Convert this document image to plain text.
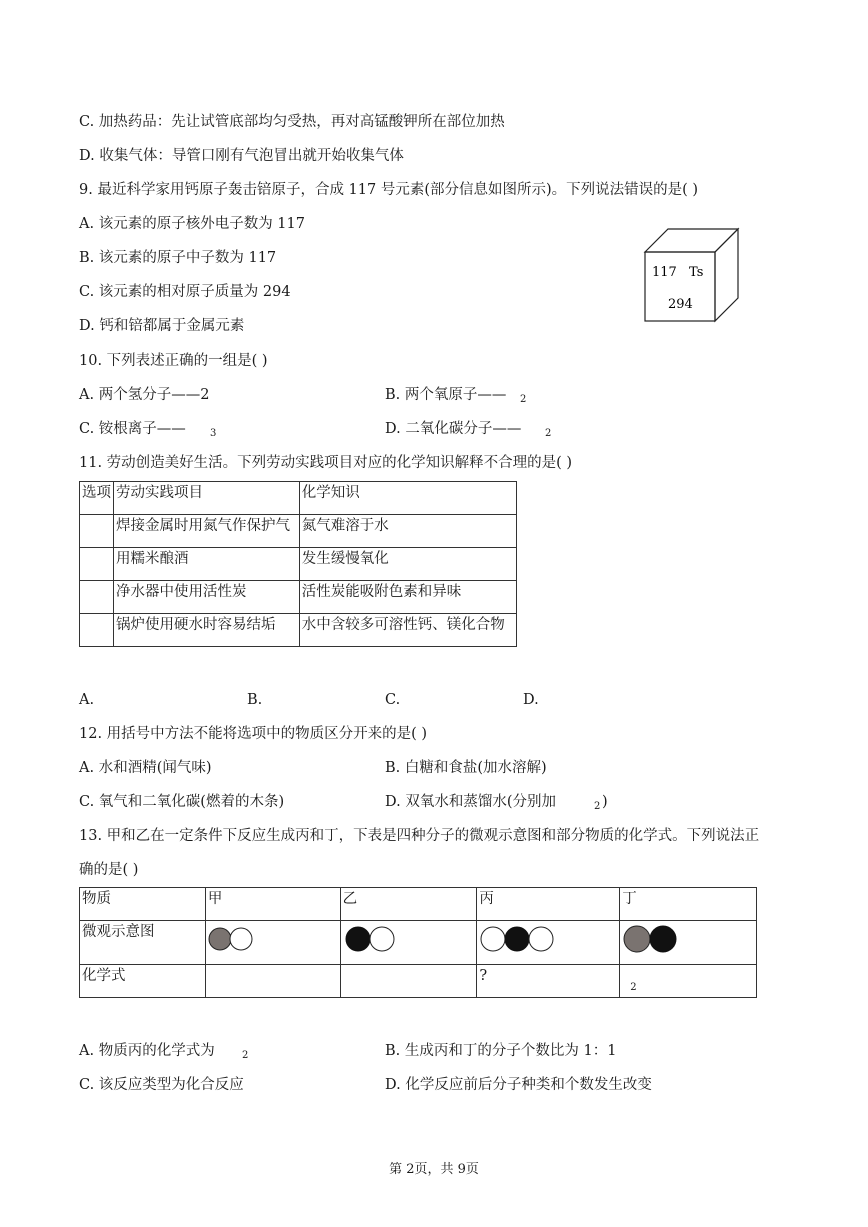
C. 加热药品：先让试管底部均匀受热，再对高锰酸钾所在部位加热
D. 收集气体：导管口刚有气泡冒出就开始收集气体
9. 最近科学家用钙原子轰击锫原子，合成 117 号元素(部分信息如图所示)。下列说法错误的是( )
A. 该元素的原子核外电子数为 117
B. 该元素的原子中子数为 117
C. 该元素的相对原子质量为 294
D. 钙和锫都属于金属元素
117 Ts
294
10. 下列表述正确的一组是( )
A. 两个氢分子——2	B. 两个氧原子—— 2
C. 铵根离子—— 3	D. 二氧化碳分子—— 2
11. 劳动创造美好生活。下列劳动实践项目对应的化学知识解释不合理的是( )
选项	劳动实践项目	化学知识
	焊接金属时用氮气作保护气	氮气难溶于水
	用糯米酿酒	发生缓慢氧化
	净水器中使用活性炭	活性炭能吸附色素和异味
	锅炉使用硬水时容易结垢	水中含较多可溶性钙、镁化合物
A.	B.	C.	D.
12. 用括号中方法不能将选项中的物质区分开来的是( )
A. 水和酒精(闻气味)	B. 白糖和食盐(加水溶解)
C. 氧气和二氧化碳(燃着的木条)	D. 双氧水和蒸馏水(分别加	2 )
13. 甲和乙在一定条件下反应生成丙和丁，下表是四种分子的微观示意图和部分物质的化学式。下列说法正
确的是( )
物质	甲	乙	丙	丁
微观示意图				
化学式			?	$_2$
A. 物质丙的化学式为	2	B. 生成丙和丁的分子个数比为 1：1
C. 该反应类型为化合反应	D. 化学反应前后分子种类和个数发生改变
第 2页，共 9页
